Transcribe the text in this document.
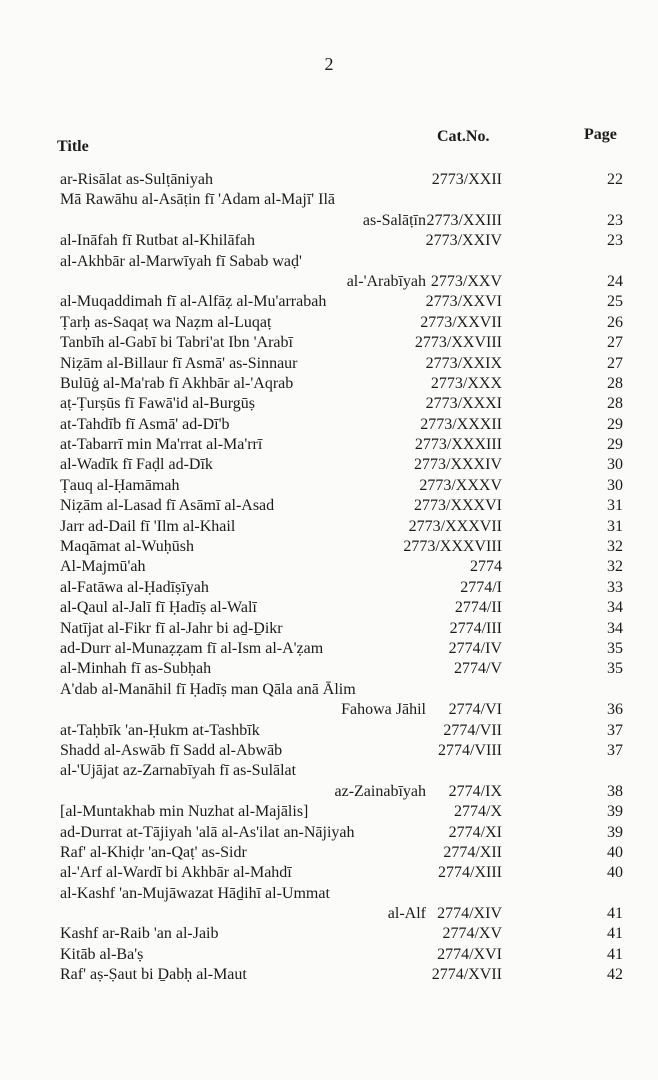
2
Title
Cat.No.	Page
ar-Risālat as-Sulṭāniyah	2773/XXII	22
Mā Rawāhu al-Asāṭin fī 'Adam al-Majī' Ilā
as-Salāṭīn 2773/XXIII	23
al-Ināfah fī Rutbat al-Khilāfah	2773/XXIV	23
al-Akhbār al-Marwīyah fī Sabab waḍ'
al-'Arabīyah 2773/XXV	24
al-Muqaddimah fī al-Alfāẓ al-Mu'arrabah	2773/XXVI	25
Ṭarḥ as-Saqaṭ wa Naẓm al-Luqaṭ	2773/XXVII	26
Tanbīh al-Gabī bi Tabri'at Ibn 'Arabī	2773/XXVIII	27
Niẓām al-Billaur fī Asmā' as-Sinnaur	2773/XXIX	27
Bulūġ al-Ma'rab fī Akhbār al-'Aqrab	2773/XXX	28
aṭ-Ṭurṣūs fī Fawā'id al-Burgūṣ	2773/XXXI	28
at-Tahdīb fī Asmā' ad-Dī'b	2773/XXXII	29
at-Tabarrī min Ma'rrat al-Ma'rrī	2773/XXXIII	29
al-Wadīk fī Faḍl ad-Dīk	2773/XXXIV	30
Ṭauq al-Ḥamāmah	2773/XXXV	30
Niẓām al-Lasad fī Asāmī al-Asad	2773/XXXVI	31
Jarr ad-Dail fī 'Ilm al-Khail	2773/XXXVII	31
Maqāmat al-Wuḥūsh	2773/XXXVIII	32
Al-Majmū'ah	2774	32
al-Fatāwa al-Ḥadīṣīyah	2774/I	33
al-Qaul al-Jalī fī Ḥadīṣ al-Walī	2774/II	34
Natījat al-Fikr fī al-Jahr bi aḏ-Ḏikr	2774/III	34
ad-Durr al-Munaẓẓam fī al-Ism al-A'ẓam	2774/IV	35
al-Minhah fī as-Subḥah	2774/V	35
A'dab al-Manāhil fī Ḥadīṣ man Qāla anā Ālim
Fahowa Jāhil 2774/VI	36
at-Taḥbīk 'an-Ḥukm at-Tashbīk	2774/VII	37
Shadd al-Aswāb fī Sadd al-Abwāb	2774/VIII	37
al-'Ujājat az-Zarnabīyah fī as-Sulālat
az-Zainabīyah 2774/IX	38
[al-Muntakhab min Nuzhat al-Majālis]	2774/X	39
ad-Durrat at-Tājiyah 'alā al-As'ilat an-Nājiyah	2774/XI	39
Raf' al-Khiḍr 'an-Qaṭ' as-Sidr	2774/XII	40
al-'Arf al-Wardī bi Akhbār al-Mahdī	2774/XIII	40
al-Kashf 'an-Mujāwazat Hāḏihī al-Ummat
al-Alf 2774/XIV	41
Kashf ar-Raib 'an al-Jaib	2774/XV	41
Kitāb al-Ba'ṣ	2774/XVI	41
Raf' aṣ-Ṣaut bi Ḏabḥ al-Maut	2774/XVII	42
